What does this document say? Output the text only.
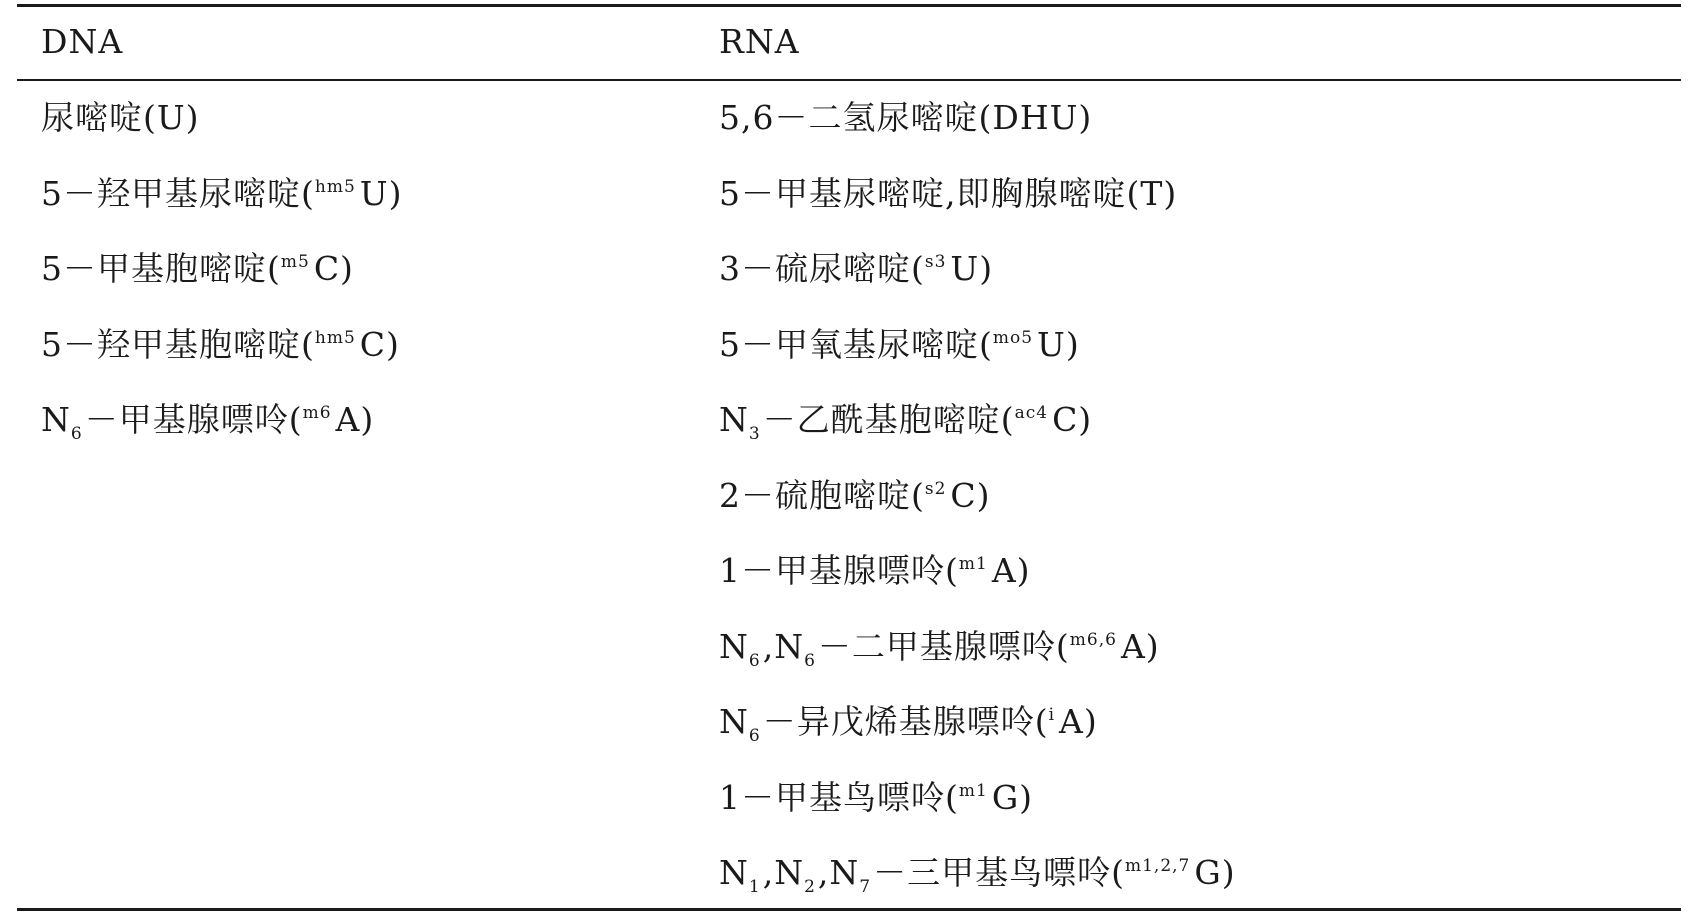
DNA	RNA
尿嘧啶(U)
5－羟甲基尿嘧啶($^{hm5}$ U)
5－甲基胞嘧啶($^{m5}$ C)
5－羟甲基胞嘧啶($^{hm5}$ C)
$N_6-$甲基腺嘌呤($^{m6}$ A)
5,6－二氢尿嘧啶(DHU)
5－甲基尿嘧啶,即胸腺嘧啶(T)
3－硫尿嘧啶($^{s3}$ U)
5－甲氧基尿嘧啶($^{mo5}$ U)
$N_3-$乙酰基胞嘧啶($^{ac4}$ C)
2－硫胞嘧啶($^{s2}$ C)
1－甲基腺嘌呤($^{m1}$ A)
$N_6,N_6-$二甲基腺嘌呤($^{m6,6}$ A)
$N_6-$异戊烯基腺嘌呤($^i$ A)
1－甲基鸟嘌呤($^{m1}$ G)
$N_1,N_2,N_7-$三甲基鸟嘌呤($^{m1,2,7}$ G)
